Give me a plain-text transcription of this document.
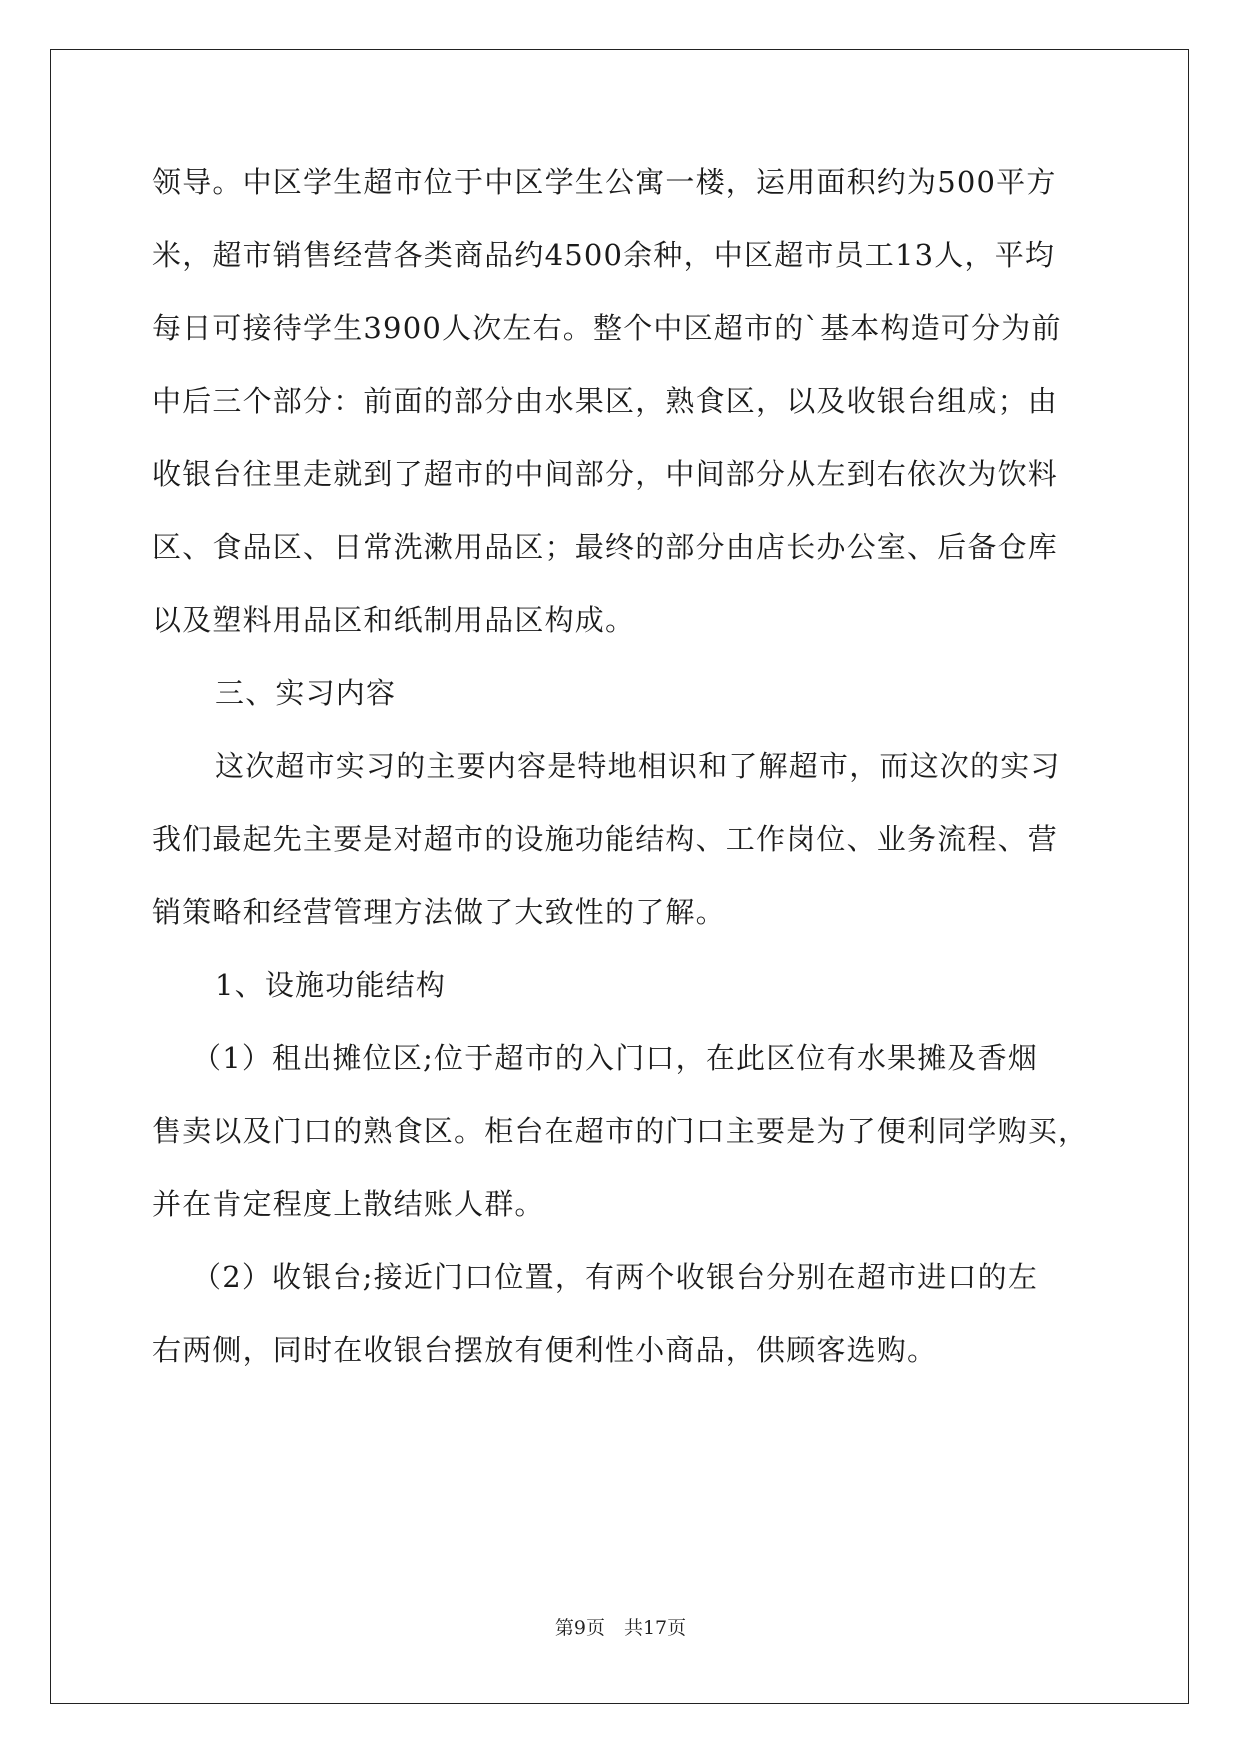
领导。中区学生超市位于中区学生公寓一楼，运用面积约为500平方
米，超市销售经营各类商品约4500余种，中区超市员工13人，平均
每日可接待学生3900人次左右。整个中区超市的`基本构造可分为前
中后三个部分：前面的部分由水果区，熟食区，以及收银台组成；由
收银台往里走就到了超市的中间部分，中间部分从左到右依次为饮料
区、食品区、日常洗漱用品区；最终的部分由店长办公室、后备仓库
以及塑料用品区和纸制用品区构成。
三、实习内容
这次超市实习的主要内容是特地相识和了解超市，而这次的实习
我们最起先主要是对超市的设施功能结构、工作岗位、业务流程、营
销策略和经营管理方法做了大致性的了解。
1、设施功能结构
（1）租出摊位区;位于超市的入门口，在此区位有水果摊及香烟
售卖以及门口的熟食区。柜台在超市的门口主要是为了便利同学购买，
并在肯定程度上散结账人群。
（2）收银台;接近门口位置，有两个收银台分别在超市进口的左
右两侧，同时在收银台摆放有便利性小商品，供顾客选购。
第9页　共17页
